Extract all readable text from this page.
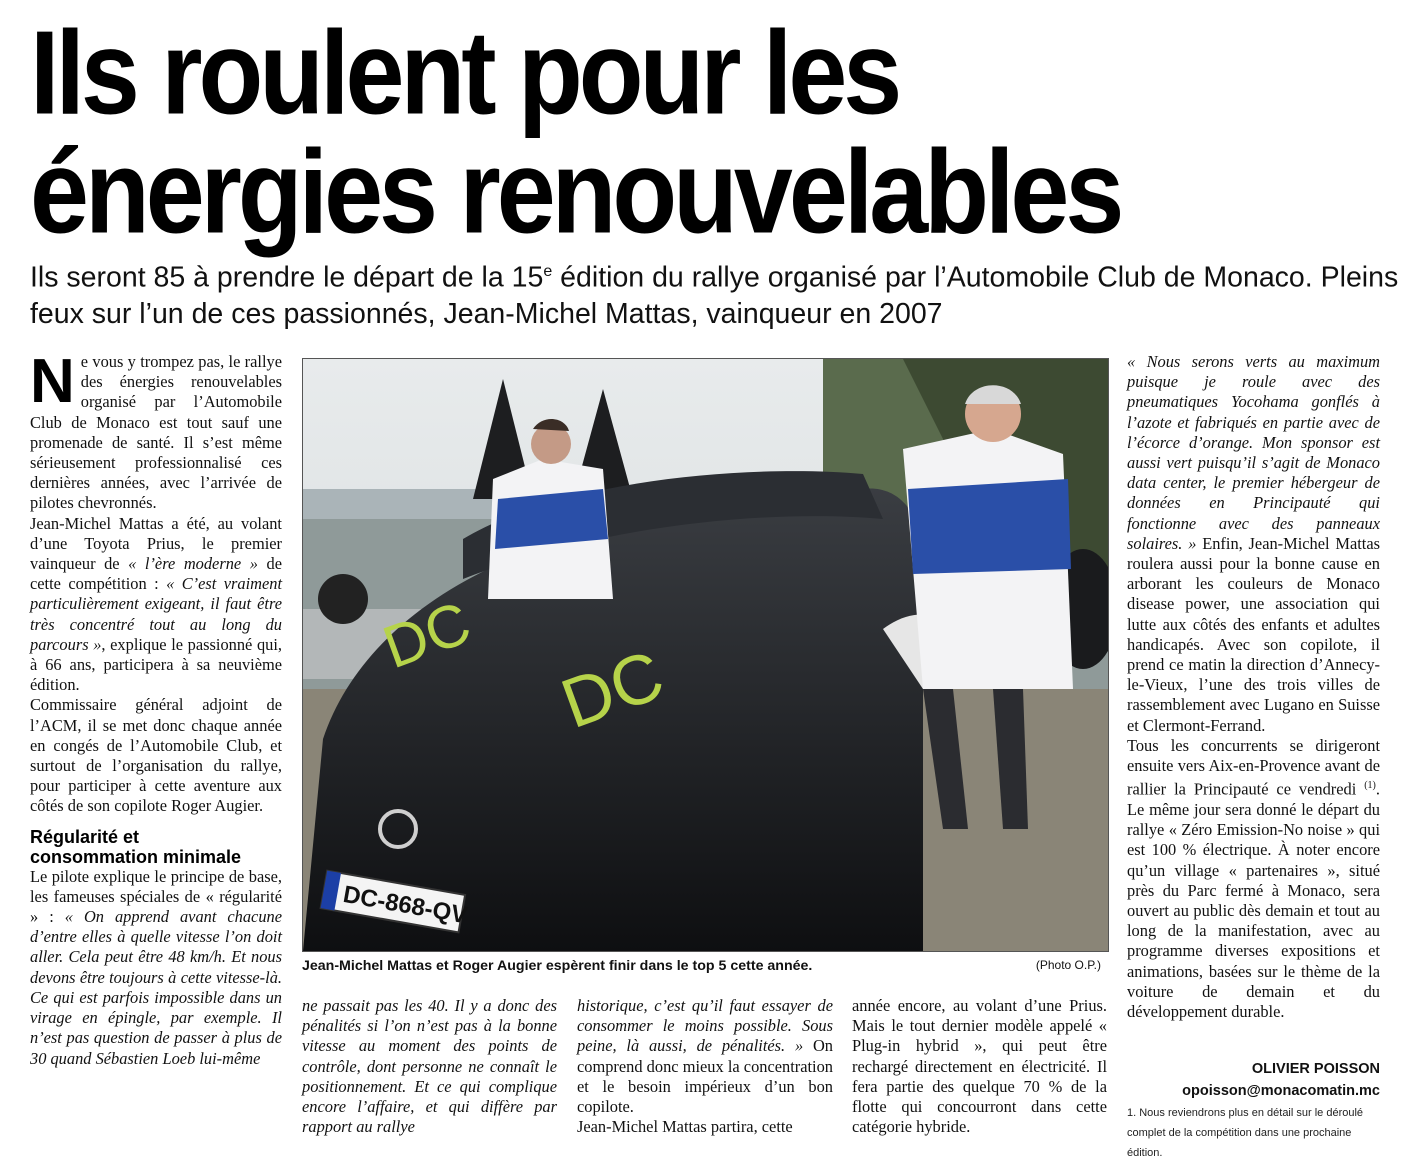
Ils roulent pour les
énergies renouvelables

Ils seront 85 à prendre le départ de la 15e édition du rallye organisé par l’Automobile Club de Monaco. Pleins feux sur l’un de ces passionnés, Jean-Michel Mattas, vainqueur en 2007

Ne vous y trompez pas, le rallye des énergies renouvelables organisé par l’Automobile Club de Monaco est tout sauf une promenade de santé. Il s’est même sérieusement professionnalisé ces dernières années, avec l’arrivée de pilotes chevronnés.

Jean-Michel Mattas a été, au volant d’une Toyota Prius, le premier vainqueur de « l’ère moderne » de cette compétition : « C’est vraiment particulièrement exigeant, il faut être très concentré tout au long du parcours », explique le passionné qui, à 66 ans, participera à sa neuvième édition.

Commissaire général adjoint de l’ACM, il se met donc chaque année en congés de l’Automobile Club, et surtout de l’organisation du rallye, pour participer à cette aventure aux côtés de son copilote Roger Augier.

Régularité et
consommation minimale

Le pilote explique le principe de base, les fameuses spéciales de « régularité » : « On apprend avant chacune d’entre elles à quelle vitesse l’on doit aller. Cela peut être 48 km/h. Et nous devons être toujours à cette vitesse-là. Ce qui est parfois impossible dans un virage en épingle, par exemple. Il n’est pas question de passer à plus de 30 quand Sébastien Loeb lui-même

DC
DC
DC-868-QV
Jean-Michel Mattas et Roger Augier espèrent finir dans le top 5 cette année.	(Photo O.P.)

ne passait pas les 40. Il y a donc des pénalités si l’on n’est pas à la bonne vitesse au moment des points de contrôle, dont personne ne connaît le positionnement. Et ce qui complique encore l’affaire, et qui diffère par rapport au rallye

historique, c’est qu’il faut essayer de consommer le moins possible. Sous peine, là aussi, de pénalités. » On comprend donc mieux la concentration et le besoin impérieux d’un bon copilote.

Jean-Michel Mattas partira, cette

année encore, au volant d’une Prius. Mais le tout dernier modèle appelé « Plug-in hybrid », qui peut être rechargé directement en électricité. Il fera partie des quelque 70 % de la flotte qui concourront dans cette catégorie hybride.

« Nous serons verts au maximum puisque je roule avec des pneumatiques Yocohama gonflés à l’azote et fabriqués en partie avec de l’écorce d’orange. Mon sponsor est aussi vert puisqu’il s’agit de Monaco data center, le premier hébergeur de données en Principauté qui fonctionne avec des panneaux solaires. » Enfin, Jean-Michel Mattas roulera aussi pour la bonne cause en arborant les couleurs de Monaco disease power, une association qui lutte aux côtés des enfants et adultes handicapés. Avec son copilote, il prend ce matin la direction d’Annecy-le-Vieux, l’une des trois villes de rassemblement avec Lugano en Suisse et Clermont-Ferrand.

Tous les concurrents se dirigeront ensuite vers Aix-en-Provence avant de rallier la Principauté ce vendredi $^{(1)}$. Le même jour sera donné le départ du rallye « Zéro Emission-No noise » qui est 100 % électrique. À noter encore qu’un village « partenaires », situé près du Parc fermé à Monaco, sera ouvert au public dès demain et tout au long de la manifestation, avec au programme diverses expositions et animations, basées sur le thème de la voiture de demain et du développement durable.

OLIVIER POISSON
opoisson@monacomatin.mc
1. Nous reviendrons plus en détail sur le déroulé complet de la compétition dans une prochaine édition.
